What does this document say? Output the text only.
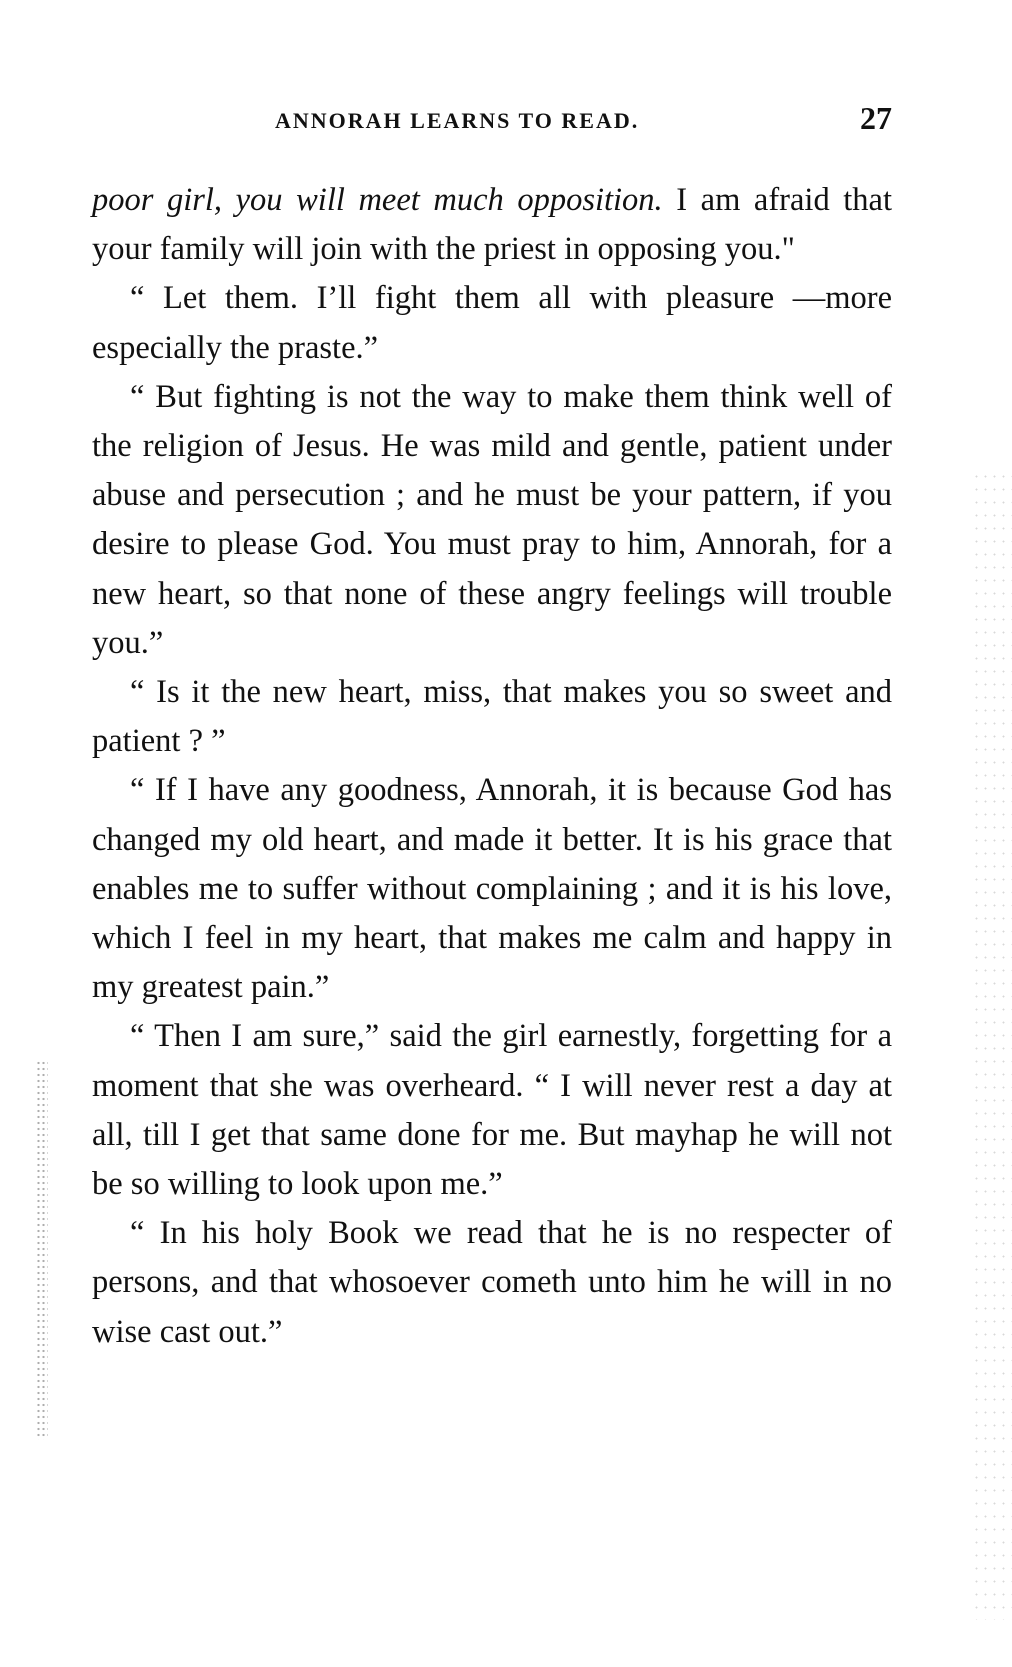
ANNORAH LEARNS TO READ.	27

poor girl, you will meet much opposition. I am afraid that your family will join with the priest in opposing you."

“ Let them. I’ll fight them all with pleasure —more especially the praste.”

“ But fighting is not the way to make them think well of the religion of Jesus. He was mild and gentle, patient under abuse and persecution ; and he must be your pattern, if you desire to please God. You must pray to him, Annorah, for a new heart, so that none of these angry feelings will trouble you.”

“ Is it the new heart, miss, that makes you so sweet and patient ? ”

“ If I have any goodness, Annorah, it is because God has changed my old heart, and made it better. It is his grace that enables me to suffer without complaining ; and it is his love, which I feel in my heart, that makes me calm and happy in my greatest pain.”

“ Then I am sure,” said the girl earnestly, forgetting for a moment that she was overheard. “ I will never rest a day at all, till I get that same done for me. But mayhap he will not be so willing to look upon me.”

“ In his holy Book we read that he is no respecter of persons, and that whosoever cometh unto him he will in no wise cast out.”
